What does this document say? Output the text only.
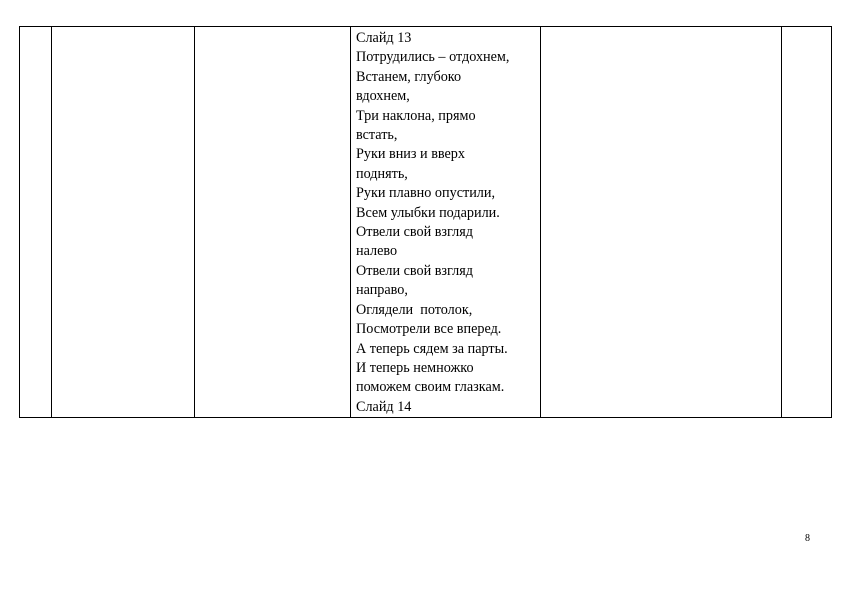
Слайд 13
Потрудились – отдохнем,
Встанем, глубоко
вдохнем,
Три наклона, прямо
встать,
Руки вниз и вверх
поднять,
Руки плавно опустили,
Всем улыбки подарили.
Отвели свой взгляд
налево
Отвели свой взгляд
направо,
Оглядели  потолок,
Посмотрели все вперед.
А теперь сядем за парты.
И теперь немножко
поможем своим глазкам.
Слайд 14

8
